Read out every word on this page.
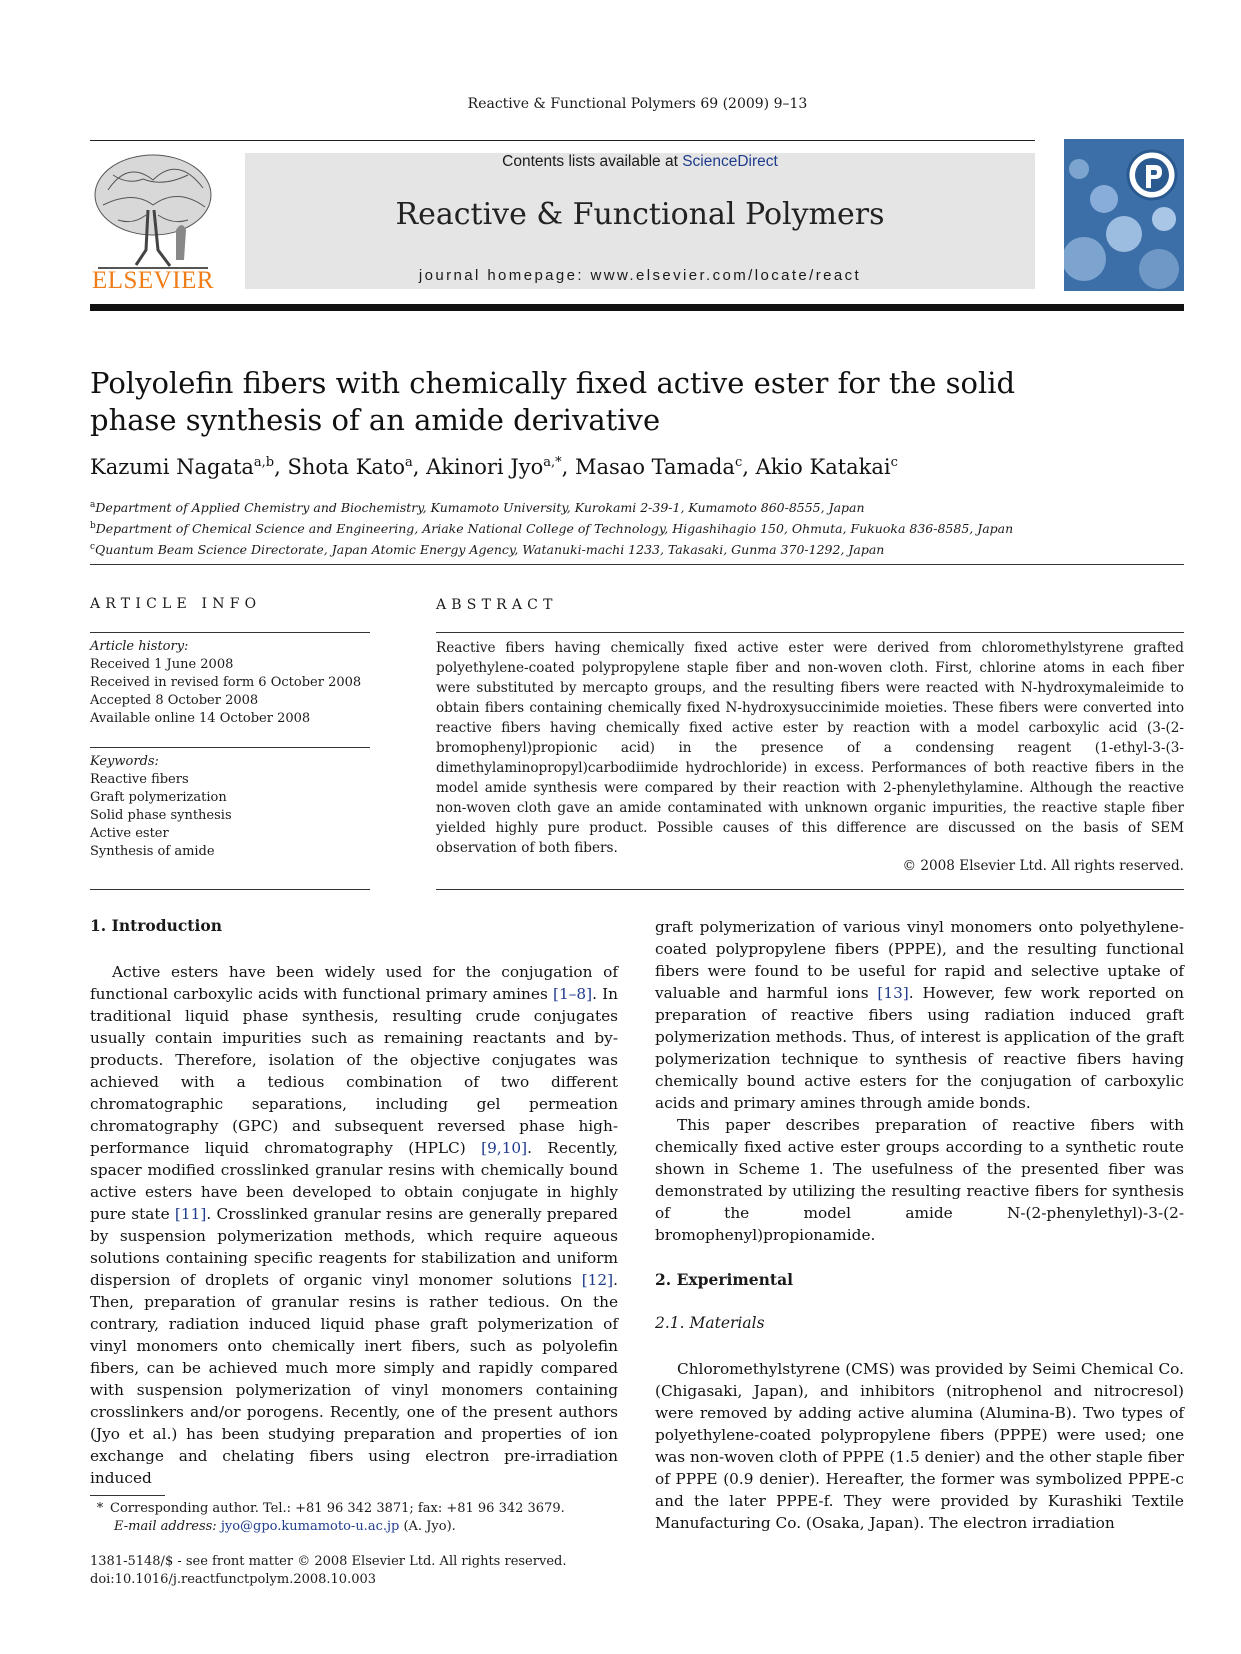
Reactive & Functional Polymers 69 (2009) 9–13
ELSEVIER
Contents lists available at ScienceDirect
Reactive & Functional Polymers
journal homepage: www.elsevier.com/locate/react
Polyolefin fibers with chemically fixed active ester for the solid phase synthesis of an amide derivative
Kazumi Nagata$^{a,b}$, Shota Kato$^a$, Akinori Jyo$^{a,*}$, Masao Tamada$^c$, Akio Katakai$^c$
$^a$Department of Applied Chemistry and Biochemistry, Kumamoto University, Kurokami 2-39-1, Kumamoto 860-8555, Japan
$^b$Department of Chemical Science and Engineering, Ariake National College of Technology, Higashihagio 150, Ohmuta, Fukuoka 836-8585, Japan
$^c$Quantum Beam Science Directorate, Japan Atomic Energy Agency, Watanuki-machi 1233, Takasaki, Gunma 370-1292, Japan
ARTICLE INFO	ABSTRACT
Article history:
Received 1 June 2008
Received in revised form 6 October 2008
Accepted 8 October 2008
Available online 14 October 2008
Keywords:
Reactive fibers
Graft polymerization
Solid phase synthesis
Active ester
Synthesis of amide
Reactive fibers having chemically fixed active ester were derived from chloromethylstyrene grafted polyethylene-coated polypropylene staple fiber and non-woven cloth. First, chlorine atoms in each fiber were substituted by mercapto groups, and the resulting fibers were reacted with N-hydroxymaleimide to obtain fibers containing chemically fixed N-hydroxysuccinimide moieties. These fibers were converted into reactive fibers having chemically fixed active ester by reaction with a model carboxylic acid (3-(2-bromophenyl)propionic acid) in the presence of a condensing reagent (1-ethyl-3-(3-dimethylaminopropyl)carbodiimide hydrochloride) in excess. Performances of both reactive fibers in the model amide synthesis were compared by their reaction with 2-phenylethylamine. Although the reactive non-woven cloth gave an amide contaminated with unknown organic impurities, the reactive staple fiber yielded highly pure product. Possible causes of this difference are discussed on the basis of SEM observation of both fibers.
© 2008 Elsevier Ltd. All rights reserved.
1. Introduction

Active esters have been widely used for the conjugation of functional carboxylic acids with functional primary amines [1–8]. In traditional liquid phase synthesis, resulting crude conjugates usually contain impurities such as remaining reactants and by-products. Therefore, isolation of the objective conjugates was achieved with a tedious combination of two different chromatographic separations, including gel permeation chromatography (GPC) and subsequent reversed phase high-performance liquid chromatography (HPLC) [9,10]. Recently, spacer modified crosslinked granular resins with chemically bound active esters have been developed to obtain conjugate in highly pure state [11]. Crosslinked granular resins are generally prepared by suspension polymerization methods, which require aqueous solutions containing specific reagents for stabilization and uniform dispersion of droplets of organic vinyl monomer solutions [12]. Then, preparation of granular resins is rather tedious. On the contrary, radiation induced liquid phase graft polymerization of vinyl monomers onto chemically inert fibers, such as polyolefin fibers, can be achieved much more simply and rapidly compared with suspension polymerization of vinyl monomers containing crosslinkers and/or porogens. Recently, one of the present authors (Jyo et al.) has been studying preparation and properties of ion exchange and chelating fibers using electron pre-irradiation induced

graft polymerization of various vinyl monomers onto polyethylene-coated polypropylene fibers (PPPE), and the resulting functional fibers were found to be useful for rapid and selective uptake of valuable and harmful ions [13]. However, few work reported on preparation of reactive fibers using radiation induced graft polymerization methods. Thus, of interest is application of the graft polymerization technique to synthesis of reactive fibers having chemically bound active esters for the conjugation of carboxylic acids and primary amines through amide bonds.

This paper describes preparation of reactive fibers with chemically fixed active ester groups according to a synthetic route shown in Scheme 1. The usefulness of the presented fiber was demonstrated by utilizing the resulting reactive fibers for synthesis of the model amide N-(2-phenylethyl)-3-(2-bromophenyl)propionamide.

2. Experimental
2.1. Materials

Chloromethylstyrene (CMS) was provided by Seimi Chemical Co. (Chigasaki, Japan), and inhibitors (nitrophenol and nitrocresol) were removed by adding active alumina (Alumina-B). Two types of polyethylene-coated polypropylene fibers (PPPE) were used; one was non-woven cloth of PPPE (1.5 denier) and the other staple fiber of PPPE (0.9 denier). Hereafter, the former was symbolized PPPE-c and the later PPPE-f. They were provided by Kurashiki Textile Manufacturing Co. (Osaka, Japan). The electron irradiation

* Corresponding author. Tel.: +81 96 342 3871; fax: +81 96 342 3679.
E-mail address: jyo@gpo.kumamoto-u.ac.jp (A. Jyo).
1381-5148/$ - see front matter © 2008 Elsevier Ltd. All rights reserved.
doi:10.1016/j.reactfunctpolym.2008.10.003
